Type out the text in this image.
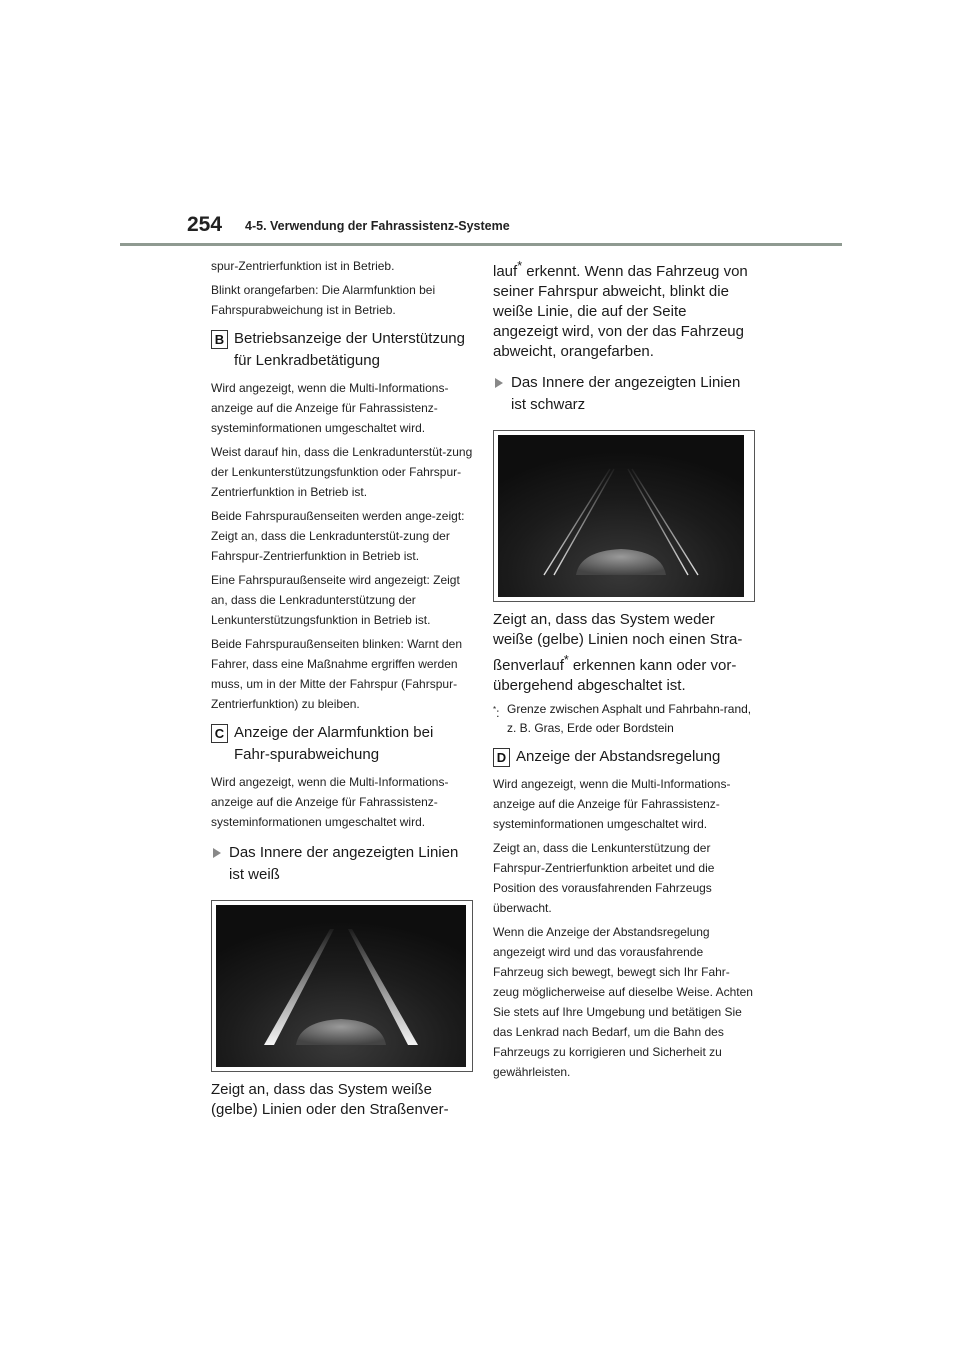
254 4-5. Verwendung der Fahrassistenz-Systeme

spur-Zentrierfunktion ist in Betrieb.

Blinkt orangefarben: Die Alarmfunktion bei Fahrspurabweichung ist in Betrieb.

B Betriebsanzeige der Unterstützung für Lenkradbetätigung

Wird angezeigt, wenn die Multi-Informations-anzeige auf die Anzeige für Fahrassistenz-systeminformationen umgeschaltet wird.

Weist darauf hin, dass die Lenkradunterstüt-zung der Lenkunterstützungsfunktion oder Fahrspur-Zentrierfunktion in Betrieb ist.

Beide Fahrspuraußenseiten werden ange-zeigt: Zeigt an, dass die Lenkradunterstüt-zung der Fahrspur-Zentrierfunktion in Betrieb ist.

Eine Fahrspuraußenseite wird angezeigt: Zeigt an, dass die Lenkradunterstützung der Lenkunterstützungsfunktion in Betrieb ist.

Beide Fahrspuraußenseiten blinken: Warnt den Fahrer, dass eine Maßnahme ergriffen werden muss, um in der Mitte der Fahrspur (Fahrspur-Zentrierfunktion) zu bleiben.

C Anzeige der Alarmfunktion bei Fahr-spurabweichung

Wird angezeigt, wenn die Multi-Informations-anzeige auf die Anzeige für Fahrassistenz-systeminformationen umgeschaltet wird.

Das Innere der angezeigten Linien ist weiß

Zeigt an, dass das System weiße (gelbe) Linien oder den Straßenver-

lauf* erkennt. Wenn das Fahrzeug von seiner Fahrspur abweicht, blinkt die weiße Linie, die auf der Seite angezeigt wird, von der das Fahrzeug abweicht, orangefarben.

Das Innere der angezeigten Linien ist schwarz

Zeigt an, dass das System weder weiße (gelbe) Linien noch einen Stra-ßenverlauf* erkennen kann oder vor-übergehend abgeschaltet ist.

*: Grenze zwischen Asphalt und Fahrbahn-rand, z. B. Gras, Erde oder Bordstein
D Anzeige der Abstandsregelung

Wird angezeigt, wenn die Multi-Informations-anzeige auf die Anzeige für Fahrassistenz-systeminformationen umgeschaltet wird.

Zeigt an, dass die Lenkunterstützung der Fahrspur-Zentrierfunktion arbeitet und die Position des vorausfahrenden Fahrzeugs überwacht.

Wenn die Anzeige der Abstandsregelung angezeigt wird und das vorausfahrende Fahrzeug sich bewegt, bewegt sich Ihr Fahr-zeug möglicherweise auf dieselbe Weise. Achten Sie stets auf Ihre Umgebung und betätigen Sie das Lenkrad nach Bedarf, um die Bahn des Fahrzeugs zu korrigieren und Sicherheit zu gewährleisten.
